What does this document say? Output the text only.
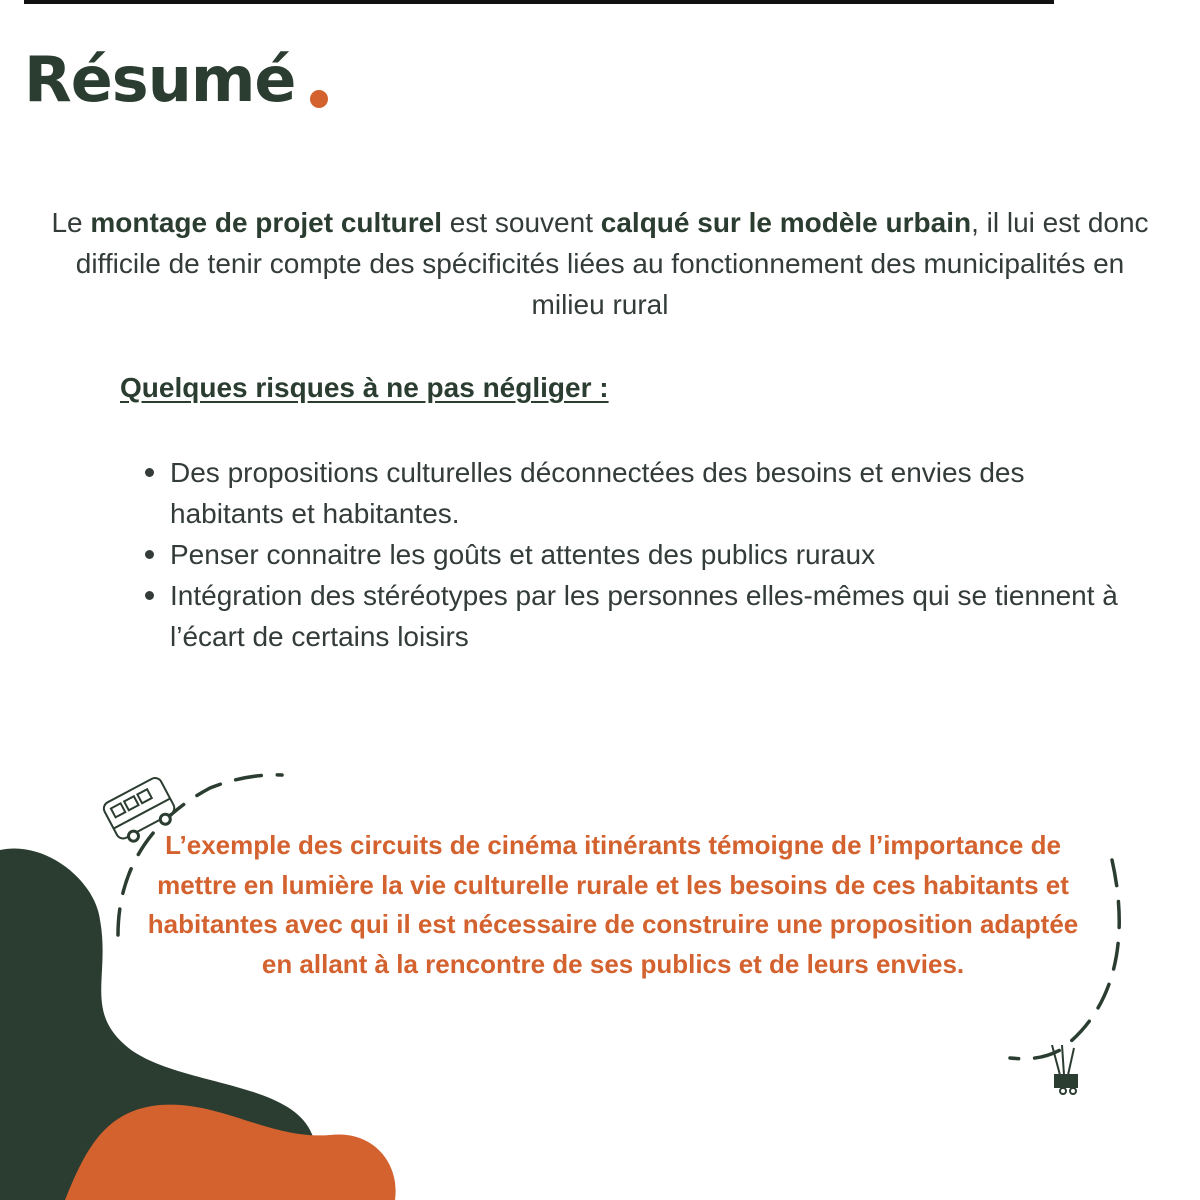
Résumé
Le montage de projet culturel est souvent calqué sur le modèle urbain, il lui est donc difficile de tenir compte des spécificités liées au fonctionnement des municipalités en milieu rural
Quelques risques à ne pas négliger :
Des propositions culturelles déconnectées des besoins et envies des habitants et habitantes.
Penser connaitre les goûts et attentes des publics ruraux
Intégration des stéréotypes par les personnes elles-mêmes qui se tiennent à l’écart de certains loisirs
L’exemple des circuits de cinéma itinérants témoigne de l’importance de mettre en lumière la vie culturelle rurale et les besoins de ces habitants et habitantes avec qui il est nécessaire de construire une proposition adaptée en allant à la rencontre de ses publics et de leurs envies.
